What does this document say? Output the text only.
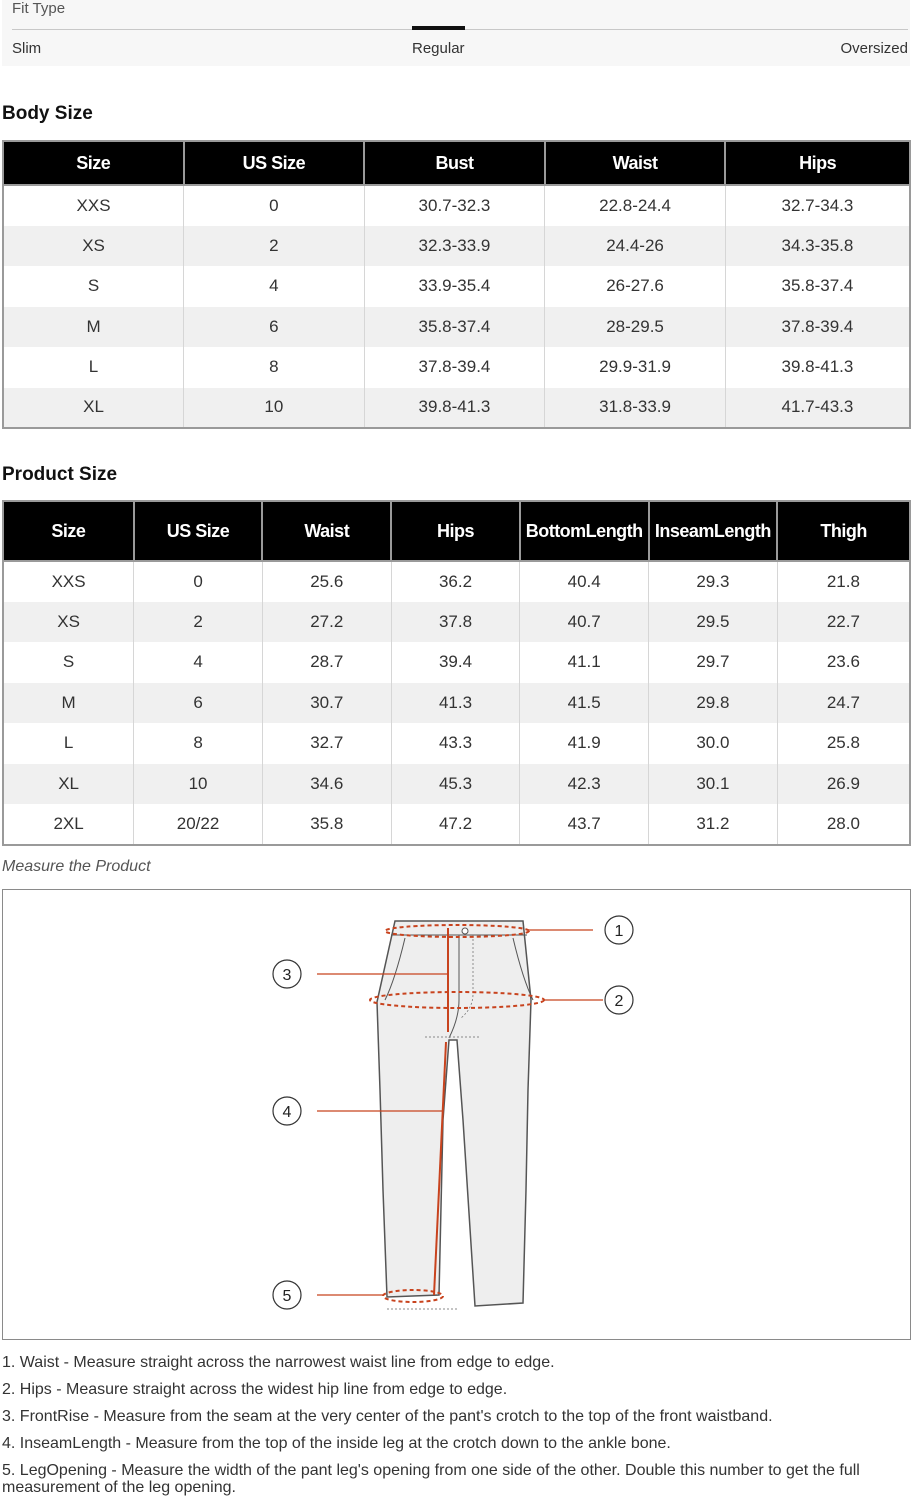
Fit Type
Slim	Regular	Oversized
Body Size
Size	US Size	Bust	Waist	Hips
XXS	0	30.7-32.3	22.8-24.4	32.7-34.3
XS	2	32.3-33.9	24.4-26	34.3-35.8
S	4	33.9-35.4	26-27.6	35.8-37.4
M	6	35.8-37.4	28-29.5	37.8-39.4
L	8	37.8-39.4	29.9-31.9	39.8-41.3
XL	10	39.8-41.3	31.8-33.9	41.7-43.3
Product Size
Size	US Size	Waist	Hips	BottomLength	InseamLength	Thigh
XXS	0	25.6	36.2	40.4	29.3	21.8
XS	2	27.2	37.8	40.7	29.5	22.7
S	4	28.7	39.4	41.1	29.7	23.6
M	6	30.7	41.3	41.5	29.8	24.7
L	8	32.7	43.3	41.9	30.0	25.8
XL	10	34.6	45.3	42.3	30.1	26.9
2XL	20/22	35.8	47.2	43.7	31.2	28.0
Measure the Product
1
2
3
4
5
1. Waist - Measure straight across the narrowest waist line from edge to edge.
2. Hips - Measure straight across the widest hip line from edge to edge.
3. FrontRise - Measure from the seam at the very center of the pant's crotch to the top of the front waistband.
4. InseamLength - Measure from the top of the inside leg at the crotch down to the ankle bone.
5. LegOpening - Measure the width of the pant leg's opening from one side of the other. Double this number to get the full measurement of the leg opening.
